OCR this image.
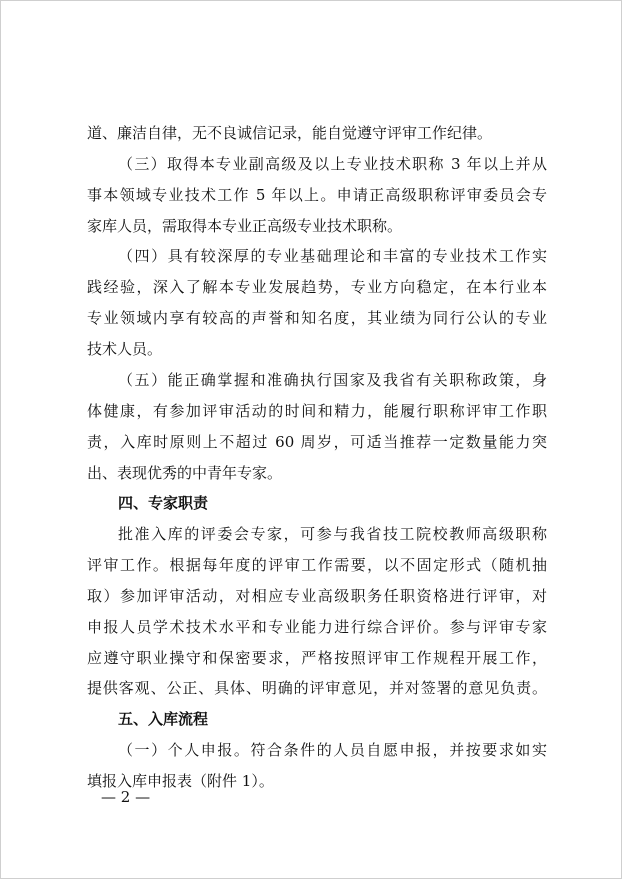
道、廉洁自律，无不良诚信记录，能自觉遵守评审工作纪律。
（三）取得本专业副高级及以上专业技术职称 3 年以上并从
事本领域专业技术工作 5 年以上。申请正高级职称评审委员会专
家库人员，需取得本专业正高级专业技术职称。
（四）具有较深厚的专业基础理论和丰富的专业技术工作实
践经验，深入了解本专业发展趋势，专业方向稳定，在本行业本
专业领域内享有较高的声誉和知名度，其业绩为同行公认的专业
技术人员。
（五）能正确掌握和准确执行国家及我省有关职称政策，身
体健康，有参加评审活动的时间和精力，能履行职称评审工作职
责，入库时原则上不超过 60 周岁，可适当推荐一定数量能力突
出、表现优秀的中青年专家。
四、专家职责
批准入库的评委会专家，可参与我省技工院校教师高级职称
评审工作。根据每年度的评审工作需要，以不固定形式（随机抽
取）参加评审活动，对相应专业高级职务任职资格进行评审，对
申报人员学术技术水平和专业能力进行综合评价。参与评审专家
应遵守职业操守和保密要求，严格按照评审工作规程开展工作，
提供客观、公正、具体、明确的评审意见，并对签署的意见负责。
五、入库流程
（一）个人申报。符合条件的人员自愿申报，并按要求如实
填报入库申报表（附件 1）。
— 2 —
